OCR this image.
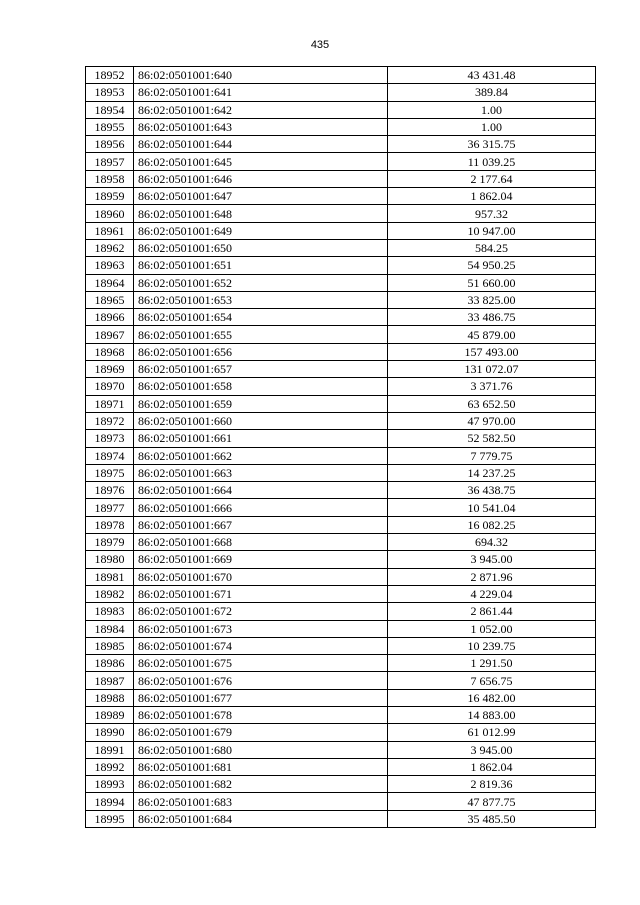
435
18952	86:02:0501001:640	43 431.48
18953	86:02:0501001:641	389.84
18954	86:02:0501001:642	1.00
18955	86:02:0501001:643	1.00
18956	86:02:0501001:644	36 315.75
18957	86:02:0501001:645	11 039.25
18958	86:02:0501001:646	2 177.64
18959	86:02:0501001:647	1 862.04
18960	86:02:0501001:648	957.32
18961	86:02:0501001:649	10 947.00
18962	86:02:0501001:650	584.25
18963	86:02:0501001:651	54 950.25
18964	86:02:0501001:652	51 660.00
18965	86:02:0501001:653	33 825.00
18966	86:02:0501001:654	33 486.75
18967	86:02:0501001:655	45 879.00
18968	86:02:0501001:656	157 493.00
18969	86:02:0501001:657	131 072.07
18970	86:02:0501001:658	3 371.76
18971	86:02:0501001:659	63 652.50
18972	86:02:0501001:660	47 970.00
18973	86:02:0501001:661	52 582.50
18974	86:02:0501001:662	7 779.75
18975	86:02:0501001:663	14 237.25
18976	86:02:0501001:664	36 438.75
18977	86:02:0501001:666	10 541.04
18978	86:02:0501001:667	16 082.25
18979	86:02:0501001:668	694.32
18980	86:02:0501001:669	3 945.00
18981	86:02:0501001:670	2 871.96
18982	86:02:0501001:671	4 229.04
18983	86:02:0501001:672	2 861.44
18984	86:02:0501001:673	1 052.00
18985	86:02:0501001:674	10 239.75
18986	86:02:0501001:675	1 291.50
18987	86:02:0501001:676	7 656.75
18988	86:02:0501001:677	16 482.00
18989	86:02:0501001:678	14 883.00
18990	86:02:0501001:679	61 012.99
18991	86:02:0501001:680	3 945.00
18992	86:02:0501001:681	1 862.04
18993	86:02:0501001:682	2 819.36
18994	86:02:0501001:683	47 877.75
18995	86:02:0501001:684	35 485.50
